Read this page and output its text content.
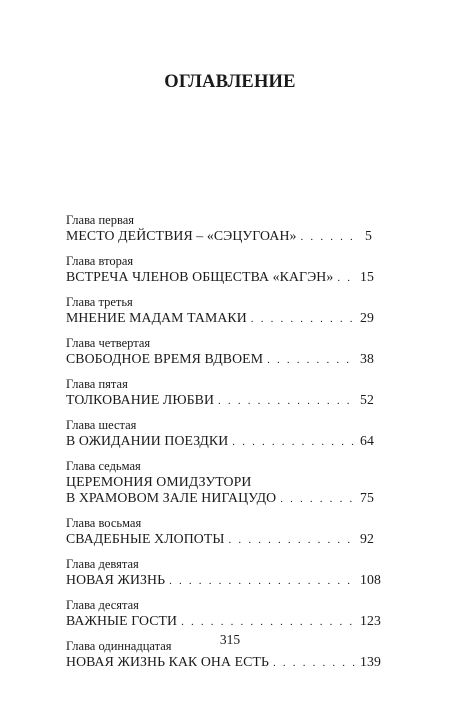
ОГЛАВЛЕНИЕ
Глава первая
МЕСТО ДЕЙСТВИЯ – «СЭЦУГОАН» . . .	5
Глава вторая
ВСТРЕЧА ЧЛЕНОВ ОБЩЕСТВА «КАГЭН» . . . 15
Глава третья
МНЕНИЕ МАДАМ ТАМАКИ . . .	29
Глава четвертая
СВОБОДНОЕ ВРЕМЯ ВДВОЕМ . . .	38
Глава пятая
ТОЛКОВАНИЕ ЛЮБВИ . . .	52
Глава шестая
В ОЖИДАНИИ ПОЕЗДКИ . . .	64
Глава седьмая
ЦЕРЕМОНИЯ ОМИДЗУТОРИ
В ХРАМОВОМ ЗАЛЕ НИГАЦУДО . . .	75
Глава восьмая
СВАДЕБНЫЕ ХЛОПОТЫ . . .	92
Глава девятая
НОВАЯ ЖИЗНЬ . . .	108
Глава десятая
ВАЖНЫЕ ГОСТИ . . .	123
Глава одиннадцатая
НОВАЯ ЖИЗНЬ КАК ОНА ЕСТЬ . . .	139
315
